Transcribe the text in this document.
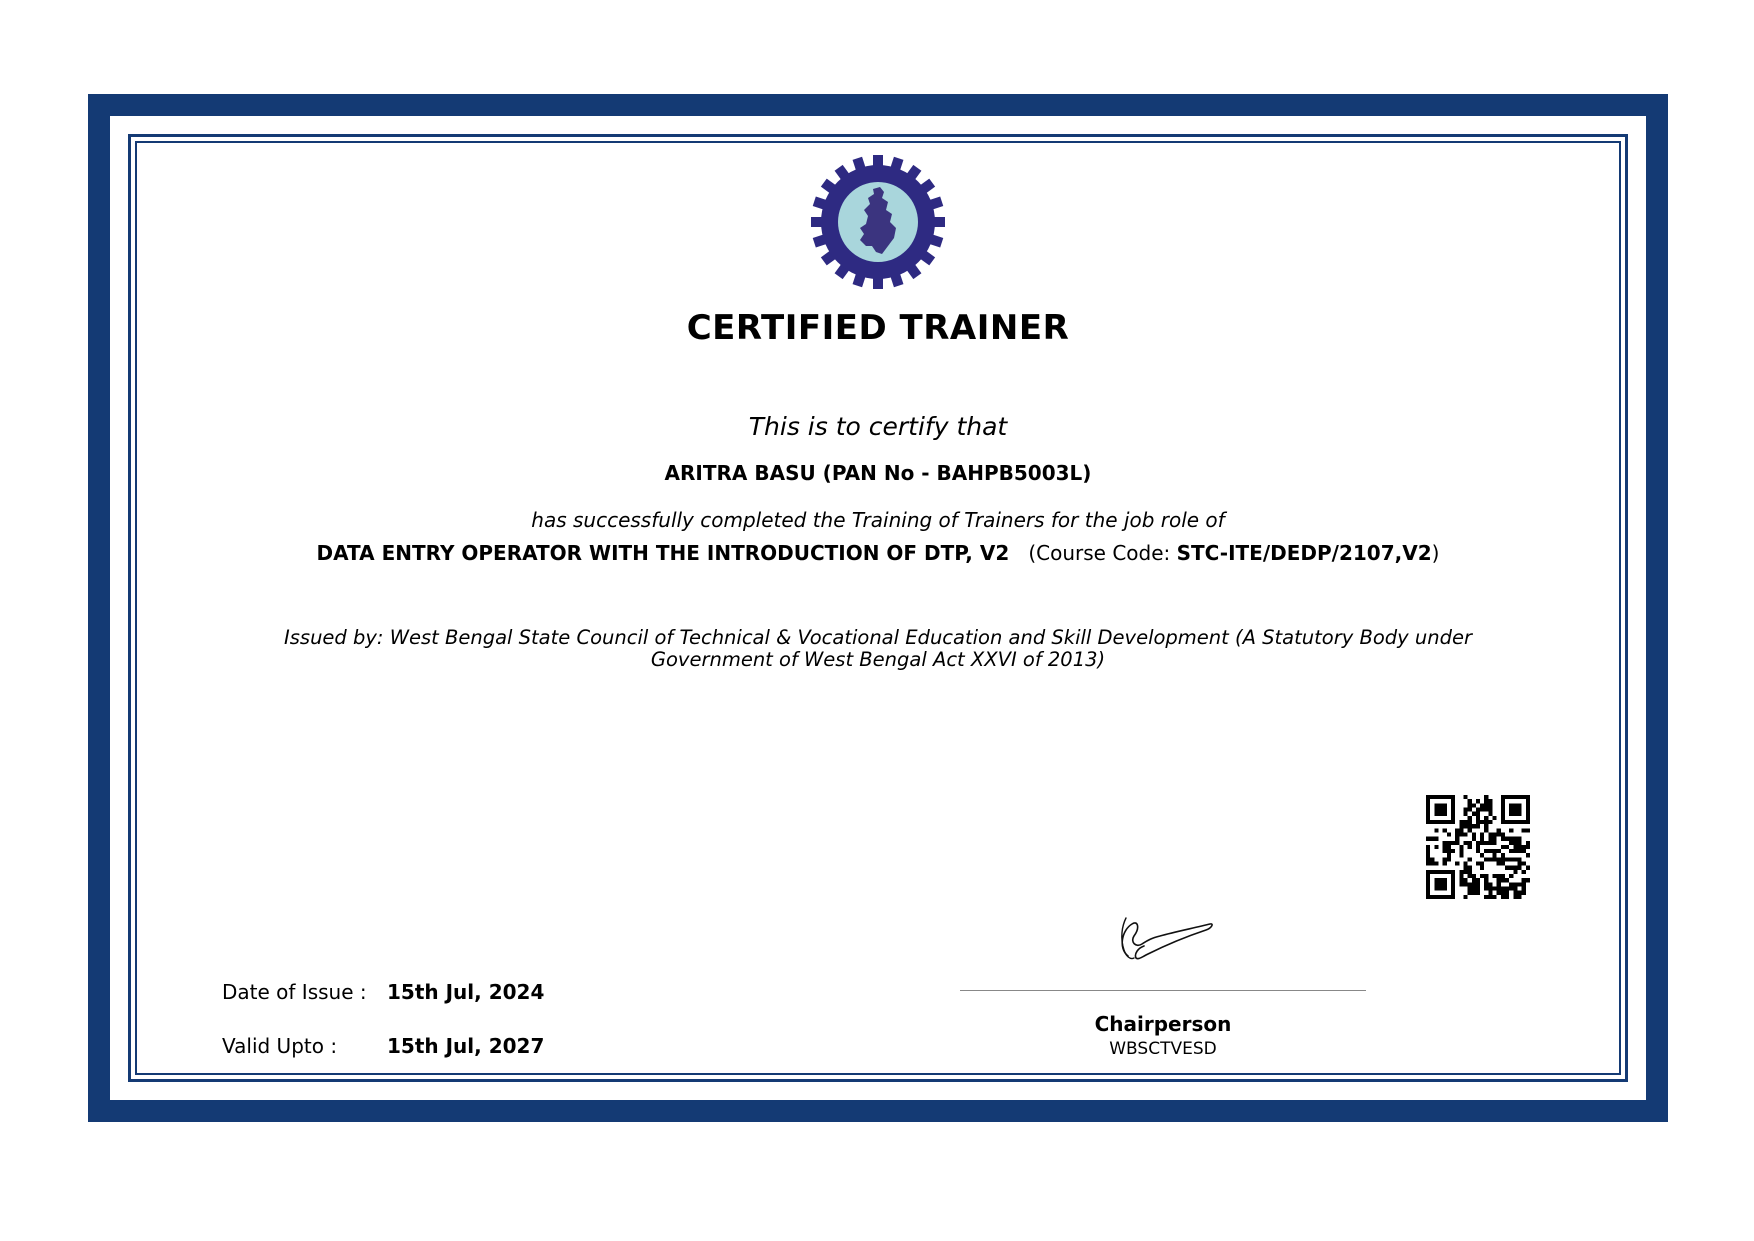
CERTIFIED TRAINER
This is to certify that
ARITRA BASU (PAN No - BAHPB5003L)
has successfully completed the Training of Trainers for the job role of
DATA ENTRY OPERATOR WITH THE INTRODUCTION OF DTP, V2 (Course Code: STC-ITE/DEDP/2107,V2)
Issued by: West Bengal State Council of Technical & Vocational Education and Skill Development (A Statutory Body under
Government of West Bengal Act XXVI of 2013)
Chairperson
WBSCTVESD
Date of Issue : 15th Jul, 2024
Valid Upto : 15th Jul, 2027
